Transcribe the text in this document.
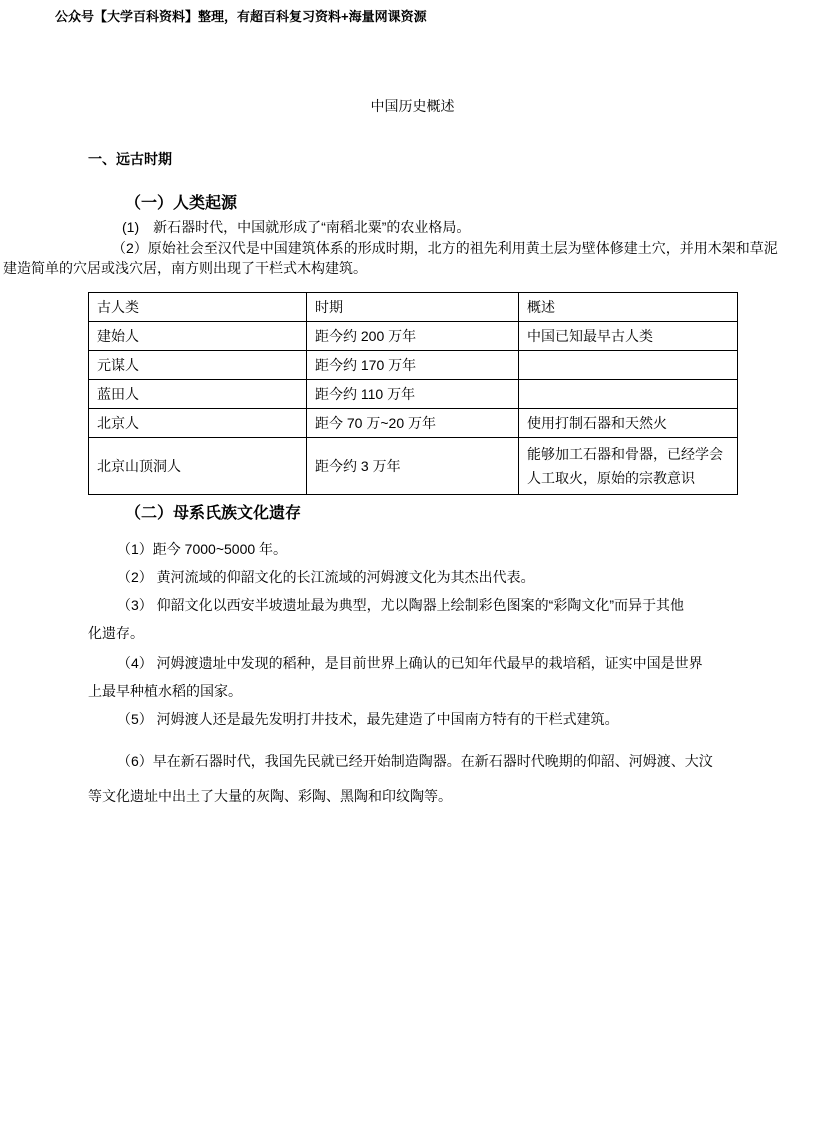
公众号【大学百科资料】整理，有超百科复习资料+海量网课资源
中国历史概述
一、远古时期
（一）人类起源
(1)　新石器时代，中国就形成了“南稻北粟”的农业格局。
（2）原始社会至汉代是中国建筑体系的形成时期，北方的祖先利用黄土层为壁体修建土穴，并用木架和草泥
建造简单的穴居或浅穴居，南方则出现了干栏式木构建筑。
古人类	时期	概述
建始人	距今约 200 万年	中国已知最早古人类
元谋人	距今约 170 万年	
蓝田人	距今约 110 万年	
北京人	距今 70 万~20 万年	使用打制石器和天然火
北京山顶洞人	距今约 3 万年	能够加工石器和骨器，已经学会人工取火，原始的宗教意识
（二）母系氏族文化遗存
（1）距今 7000~5000 年。
（2） 黄河流域的仰韶文化的长江流域的河姆渡文化为其杰出代表。
（3） 仰韶文化以西安半坡遗址最为典型，尤以陶器上绘制彩色图案的“彩陶文化”而异于其他
化遗存。
（4） 河姆渡遗址中发现的稻种，是目前世界上确认的已知年代最早的栽培稻，证实中国是世界
上最早种植水稻的国家。
（5） 河姆渡人还是最先发明打井技术，最先建造了中国南方特有的干栏式建筑。
（6）早在新石器时代，我国先民就已经开始制造陶器。在新石器时代晚期的仰韶、河姆渡、大汶
等文化遗址中出土了大量的灰陶、彩陶、黑陶和印纹陶等。
